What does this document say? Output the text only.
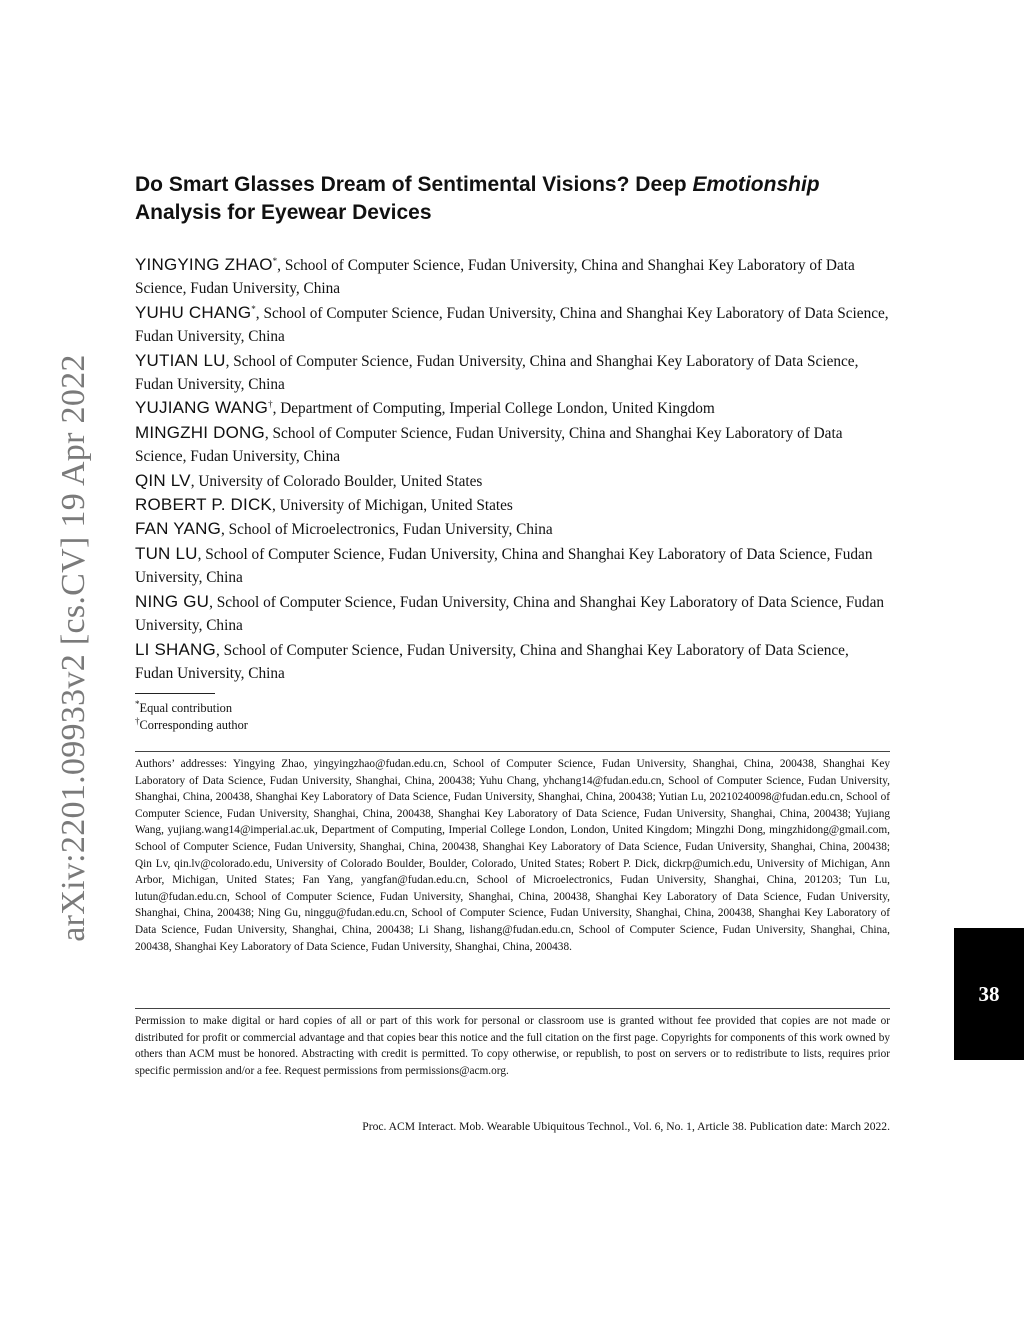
arXiv:2201.09933v2 [cs.CV] 19 Apr 2022
Do Smart Glasses Dream of Sentimental Visions? Deep Emotionship
Analysis for Eyewear Devices
YINGYING ZHAO*, School of Computer Science, Fudan University, China and Shanghai Key Laboratory of Data Science, Fudan University, China
YUHU CHANG*, School of Computer Science, Fudan University, China and Shanghai Key Laboratory of Data Science, Fudan University, China
YUTIAN LU, School of Computer Science, Fudan University, China and Shanghai Key Laboratory of Data Science, Fudan University, China
YUJIANG WANG†, Department of Computing, Imperial College London, United Kingdom
MINGZHI DONG, School of Computer Science, Fudan University, China and Shanghai Key Laboratory of Data Science, Fudan University, China
QIN LV, University of Colorado Boulder, United States
ROBERT P. DICK, University of Michigan, United States
FAN YANG, School of Microelectronics, Fudan University, China
TUN LU, School of Computer Science, Fudan University, China and Shanghai Key Laboratory of Data Science, Fudan University, China
NING GU, School of Computer Science, Fudan University, China and Shanghai Key Laboratory of Data Science, Fudan University, China
LI SHANG, School of Computer Science, Fudan University, China and Shanghai Key Laboratory of Data Science, Fudan University, China
*Equal contribution
†Corresponding author
Authors’ addresses: Yingying Zhao, yingyingzhao@fudan.edu.cn, School of Computer Science, Fudan University, Shanghai, China, 200438, Shanghai Key Laboratory of Data Science, Fudan University, Shanghai, China, 200438; Yuhu Chang, yhchang14@fudan.edu.cn, School of Computer Science, Fudan University, Shanghai, China, 200438, Shanghai Key Laboratory of Data Science, Fudan University, Shanghai, China, 200438; Yutian Lu, 20210240098@fudan.edu.cn, School of Computer Science, Fudan University, Shanghai, China, 200438, Shanghai Key Laboratory of Data Science, Fudan University, Shanghai, China, 200438; Yujiang Wang, yujiang.wang14@imperial.ac.uk, Department of Computing, Imperial College London, London, United Kingdom; Mingzhi Dong, mingzhidong@gmail.com, School of Computer Science, Fudan University, Shanghai, China, 200438, Shanghai Key Laboratory of Data Science, Fudan University, Shanghai, China, 200438; Qin Lv, qin.lv@colorado.edu, University of Colorado Boulder, Boulder, Colorado, United States; Robert P. Dick, dickrp@umich.edu, University of Michigan, Ann Arbor, Michigan, United States; Fan Yang, yangfan@fudan.edu.cn, School of Microelectronics, Fudan University, Shanghai, China, 201203; Tun Lu, lutun@fudan.edu.cn, School of Computer Science, Fudan University, Shanghai, China, 200438, Shanghai Key Laboratory of Data Science, Fudan University, Shanghai, China, 200438; Ning Gu, ninggu@fudan.edu.cn, School of Computer Science, Fudan University, Shanghai, China, 200438, Shanghai Key Laboratory of Data Science, Fudan University, Shanghai, China, 200438; Li Shang, lishang@fudan.edu.cn, School of Computer Science, Fudan University, Shanghai, China, 200438, Shanghai Key Laboratory of Data Science, Fudan University, Shanghai, China, 200438.
Permission to make digital or hard copies of all or part of this work for personal or classroom use is granted without fee provided that copies are not made or distributed for profit or commercial advantage and that copies bear this notice and the full citation on the first page. Copyrights for components of this work owned by others than ACM must be honored. Abstracting with credit is permitted. To copy otherwise, or republish, to post on servers or to redistribute to lists, requires prior specific permission and/or a fee. Request permissions from permissions@acm.org.
Proc. ACM Interact. Mob. Wearable Ubiquitous Technol., Vol. 6, No. 1, Article 38. Publication date: March 2022.
38
